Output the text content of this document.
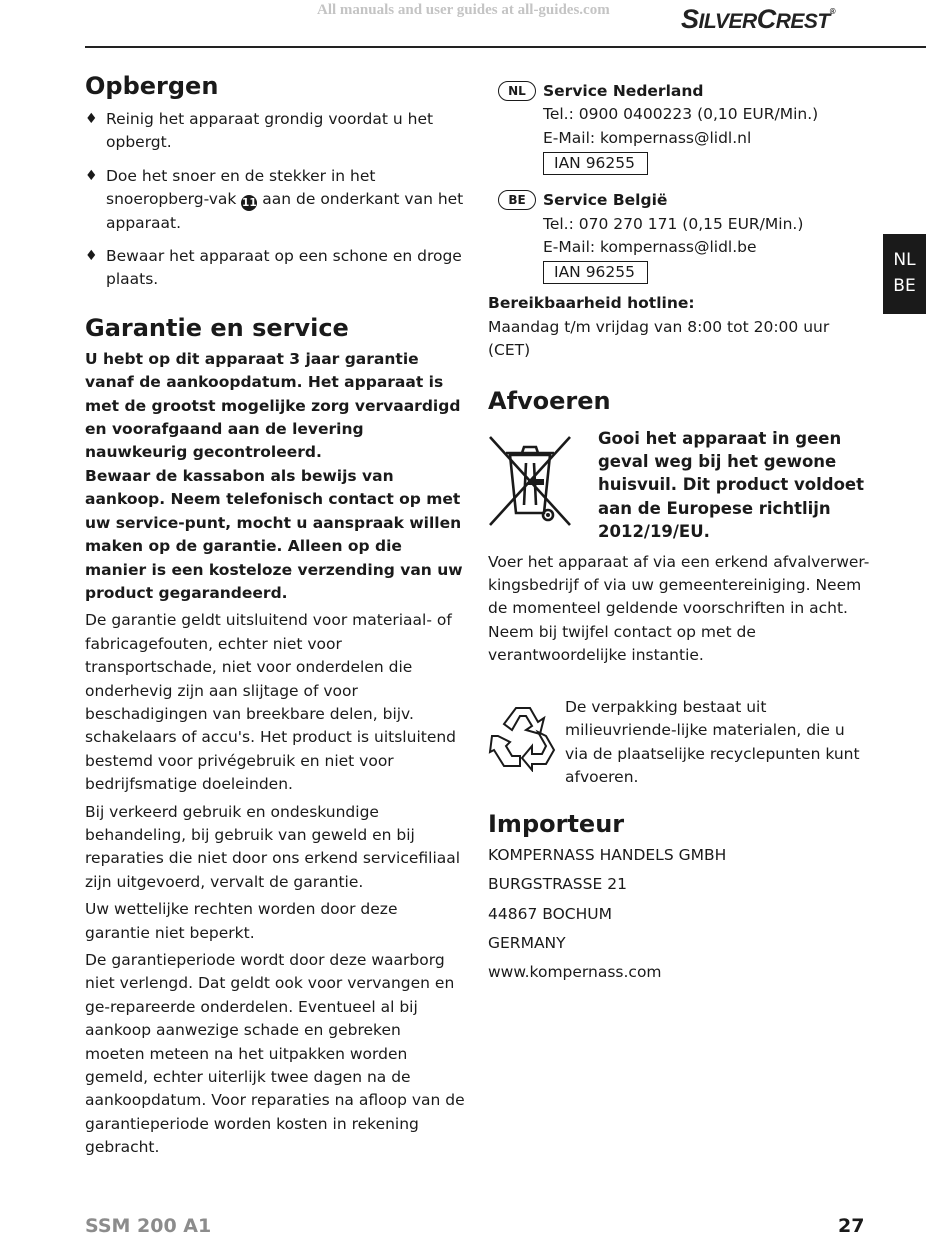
All manuals and user guides at all-guides.com	SILVERCREST®
NL
BE
Opbergen
♦ Reinig het apparaat grondig voordat u het opbergt.
♦ Doe het snoer en de stekker in het snoeropberg-vak 11 aan de onderkant van het apparaat.
♦ Bewaar het apparaat op een schone en droge plaats.
Garantie en service

U hebt op dit apparaat 3 jaar garantie vanaf de aankoopdatum. Het apparaat is met de grootst mogelijke zorg vervaardigd en voorafgaand aan de levering nauwkeurig gecontroleerd.

Bewaar de kassabon als bewijs van aankoop. Neem telefonisch contact op met uw service-punt, mocht u aanspraak willen maken op de garantie. Alleen op die manier is een kosteloze verzending van uw product gegarandeerd.

De garantie geldt uitsluitend voor materiaal- of fabricagefouten, echter niet voor transportschade, niet voor onderdelen die onderhevig zijn aan slijtage of voor beschadigingen van breekbare delen, bijv. schakelaars of accu's. Het product is uitsluitend bestemd voor privégebruik en niet voor bedrijfsmatige doeleinden.

Bij verkeerd gebruik en ondeskundige behandeling, bij gebruik van geweld en bij reparaties die niet door ons erkend servicefiliaal zijn uitgevoerd, vervalt de garantie.

Uw wettelijke rechten worden door deze garantie niet beperkt.

De garantieperiode wordt door deze waarborg niet verlengd. Dat geldt ook voor vervangen en ge-repareerde onderdelen. Eventueel al bij aankoop aanwezige schade en gebreken moeten meteen na het uitpakken worden gemeld, echter uiterlijk twee dagen na de aankoopdatum. Voor reparaties na afloop van de garantieperiode worden kosten in rekening gebracht.

NL	Service Nederland
Tel.: 0900 0400223 (0,10 EUR/Min.)
E-Mail: kompernass@lidl.nl
IAN 96255
BE	Service België
Tel.: 070 270 171 (0,15 EUR/Min.)
E-Mail: kompernass@lidl.be
IAN 96255
Bereikbaarheid hotline:

Maandag t/m vrijdag van 8:00 tot 20:00 uur (CET)

Afvoeren
Gooi het apparaat in geen geval weg bij het gewone huisvuil. Dit product voldoet aan de Europese richtlijn 2012/19/EU.

Voer het apparaat af via een erkend afvalverwer-kingsbedrijf of via uw gemeentereiniging. Neem de momenteel geldende voorschriften in acht. Neem bij twijfel contact op met de verantwoordelijke instantie.

De verpakking bestaat uit milieuvriende-lijke materialen, die u via de plaatselijke recyclepunten kunt afvoeren.

Importeur
KOMPERNASS HANDELS GMBH
BURGSTRASSE 21
44867 BOCHUM
GERMANY
www.kompernass.com
SSM 200 A1	27
